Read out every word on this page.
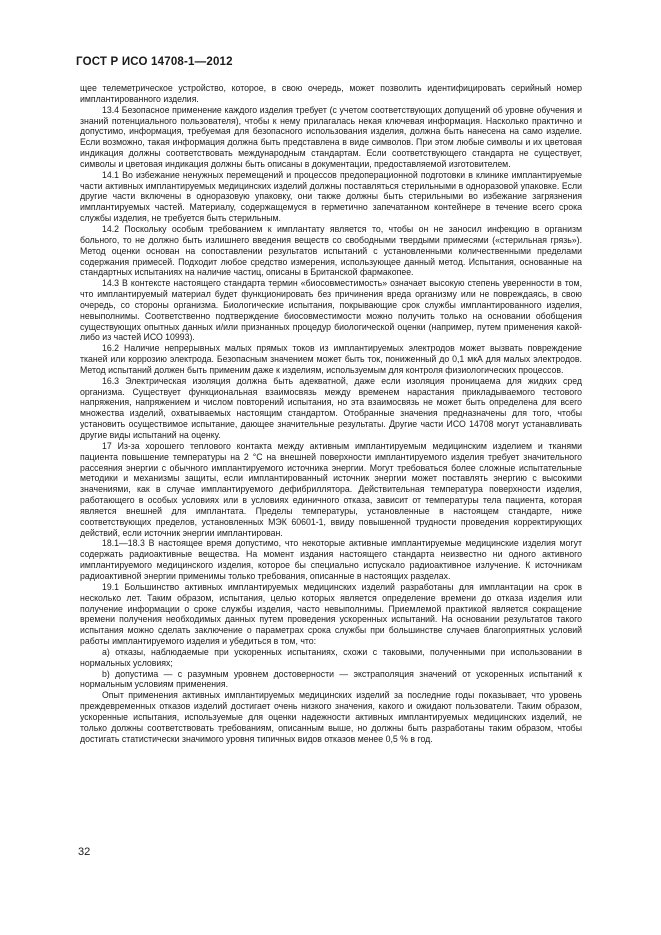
ГОСТ Р ИСО 14708-1—2012

щее телеметрическое устройство, которое, в свою очередь, может позволить идентифицировать серийный номер имплантированного изделия.

13.4 Безопасное применение каждого изделия требует (с учетом соответствующих допущений об уровне обучения и знаний потенциального пользователя), чтобы к нему прилагалась некая ключевая информация. Насколько практично и допустимо, информация, требуемая для безопасного использования изделия, должна быть нанесена на само изделие. Если возможно, такая информация должна быть представлена в виде символов. При этом любые символы и их цветовая индикация должны соответствовать международным стандартам. Если соответствующего стандарта не существует, символы и цветовая индикация должны быть описаны в документации, предоставляемой изготовителем.

14.1 Во избежание ненужных перемещений и процессов предоперационной подготовки в клинике имплантируемые части активных имплантируемых медицинских изделий должны поставляться стерильными в одноразовой упаковке. Если другие части включены в одноразовую упаковку, они также должны быть стерильными во избежание загрязнения имплантируемых частей. Материалу, содержащемуся в герметично запечатанном контейнере в течение всего срока службы изделия, не требуется быть стерильным.

14.2 Поскольку особым требованием к имплантату является то, чтобы он не заносил инфекцию в организм больного, то не должно быть излишнего введения веществ со свободными твердыми примесями («стерильная грязь»). Метод оценки основан на сопоставлении результатов испытаний с установленными количественными пределами содержания примесей. Подходит любое средство измерения, использующее данный метод. Испытания, основанные на стандартных испытаниях на наличие частиц, описаны в Британской фармакопее.

14.3 В контексте настоящего стандарта термин «биосовместимость» означает высокую степень уверенности в том, что имплантируемый материал будет функционировать без причинения вреда организму или не повреждаясь, в свою очередь, со стороны организма. Биологические испытания, покрывающие срок службы имплантированного изделия, невыполнимы. Соответственно подтверждение биосовместимости можно получить только на основании обобщения существующих опытных данных и/или признанных процедур биологической оценки (например, путем применения какой-либо из частей ИСО 10993).

16.2 Наличие непрерывных малых прямых токов из имплантируемых электродов может вызвать повреждение тканей или коррозию электрода. Безопасным значением может быть ток, пониженный до 0,1 мкА для малых электродов. Метод испытаний должен быть применим даже к изделиям, используемым для контроля физиологических процессов.

16.3 Электрическая изоляция должна быть адекватной, даже если изоляция проницаема для жидких сред организма. Существует функциональная взаимосвязь между временем нарастания прикладываемого тестового напряжения, напряжением и числом повторений испытания, но эта взаимосвязь не может быть определена для всего множества изделий, охватываемых настоящим стандартом. Отобранные значения предназначены для того, чтобы установить осуществимое испытание, дающее значительные результаты. Другие части ИСО 14708 могут устанавливать другие виды испытаний на оценку.

17 Из-за хорошего теплового контакта между активным имплантируемым медицинским изделием и тканями пациента повышение температуры на 2 °С на внешней поверхности имплантируемого изделия требует значительного рассеяния энергии с обычного имплантируемого источника энергии. Могут требоваться более сложные испытательные методики и механизмы защиты, если имплантированный источник энергии может поставлять энергию с высокими значениями, как в случае имплантируемого дефибриллятора. Действительная температура поверхности изделия, работающего в особых условиях или в условиях единичного отказа, зависит от температуры тела пациента, которая является внешней для имплантата. Пределы температуры, установленные в настоящем стандарте, ниже соответствующих пределов, установленных МЭК 60601-1, ввиду повышенной трудности проведения корректирующих действий, если источник энергии имплантирован.

18.1—18.3 В настоящее время допустимо, что некоторые активные имплантируемые медицинские изделия могут содержать радиоактивные вещества. На момент издания настоящего стандарта неизвестно ни одного активного имплантируемого медицинского изделия, которое бы специально испускало радиоактивное излучение. К источникам радиоактивной энергии применимы только требования, описанные в настоящих разделах.

19.1 Большинство активных имплантируемых медицинских изделий разработаны для имплантации на срок в несколько лет. Таким образом, испытания, целью которых является определение времени до отказа изделия или получение информации о сроке службы изделия, часто невыполнимы. Приемлемой практикой является сокращение времени получения необходимых данных путем проведения ускоренных испытаний. На основании результатов такого испытания можно сделать заключение о параметрах срока службы при большинстве случаев благоприятных условий работы имплантируемого изделия и убедиться в том, что:

a) отказы, наблюдаемые при ускоренных испытаниях, схожи с таковыми, полученными при использовании в нормальных условиях;

b) допустима — с разумным уровнем достоверности — экстраполяция значений от ускоренных испытаний к нормальным условиям применения.

Опыт применения активных имплантируемых медицинских изделий за последние годы показывает, что уровень преждевременных отказов изделий достигает очень низкого значения, какого и ожидают пользователи. Таким образом, ускоренные испытания, используемые для оценки надежности активных имплантируемых медицинских изделий, не только должны соответствовать требованиям, описанным выше, но должны быть разработаны таким образом, чтобы достигать статистически значимого уровня типичных видов отказов менее 0,5 % в год.

32
